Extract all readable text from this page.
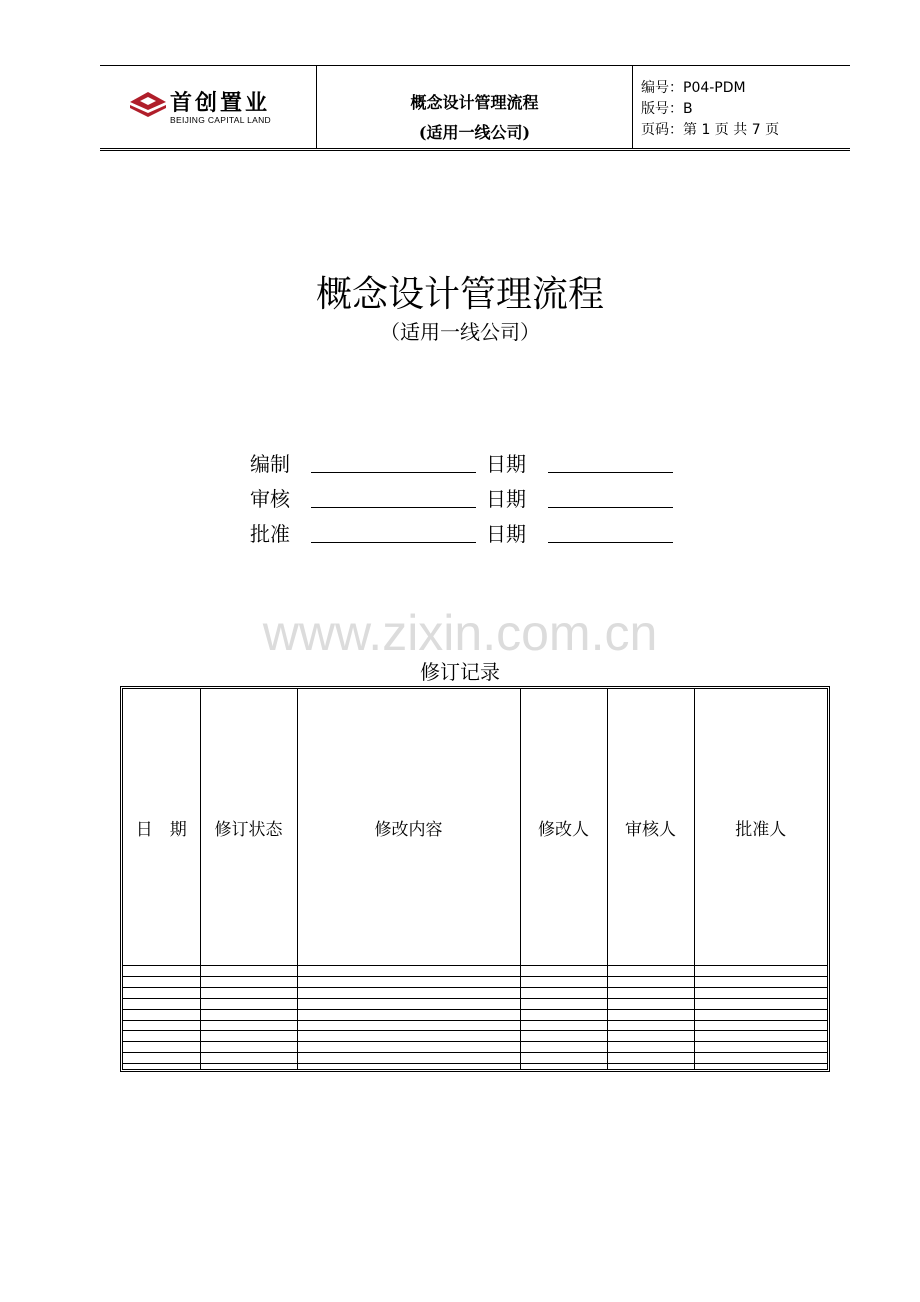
首创置业
BEIJING CAPITAL LAND
概念设计管理流程
(适用一线公司)
编号：P04-PDM
版号：B
页码：第 1 页 共 7 页
概念设计管理流程
（适用一线公司）
编制	日期
审核	日期
批准	日期
www.zixin.com.cn
修订记录
日　期	修订状态	修改内容	修改人	审核人	批准人
